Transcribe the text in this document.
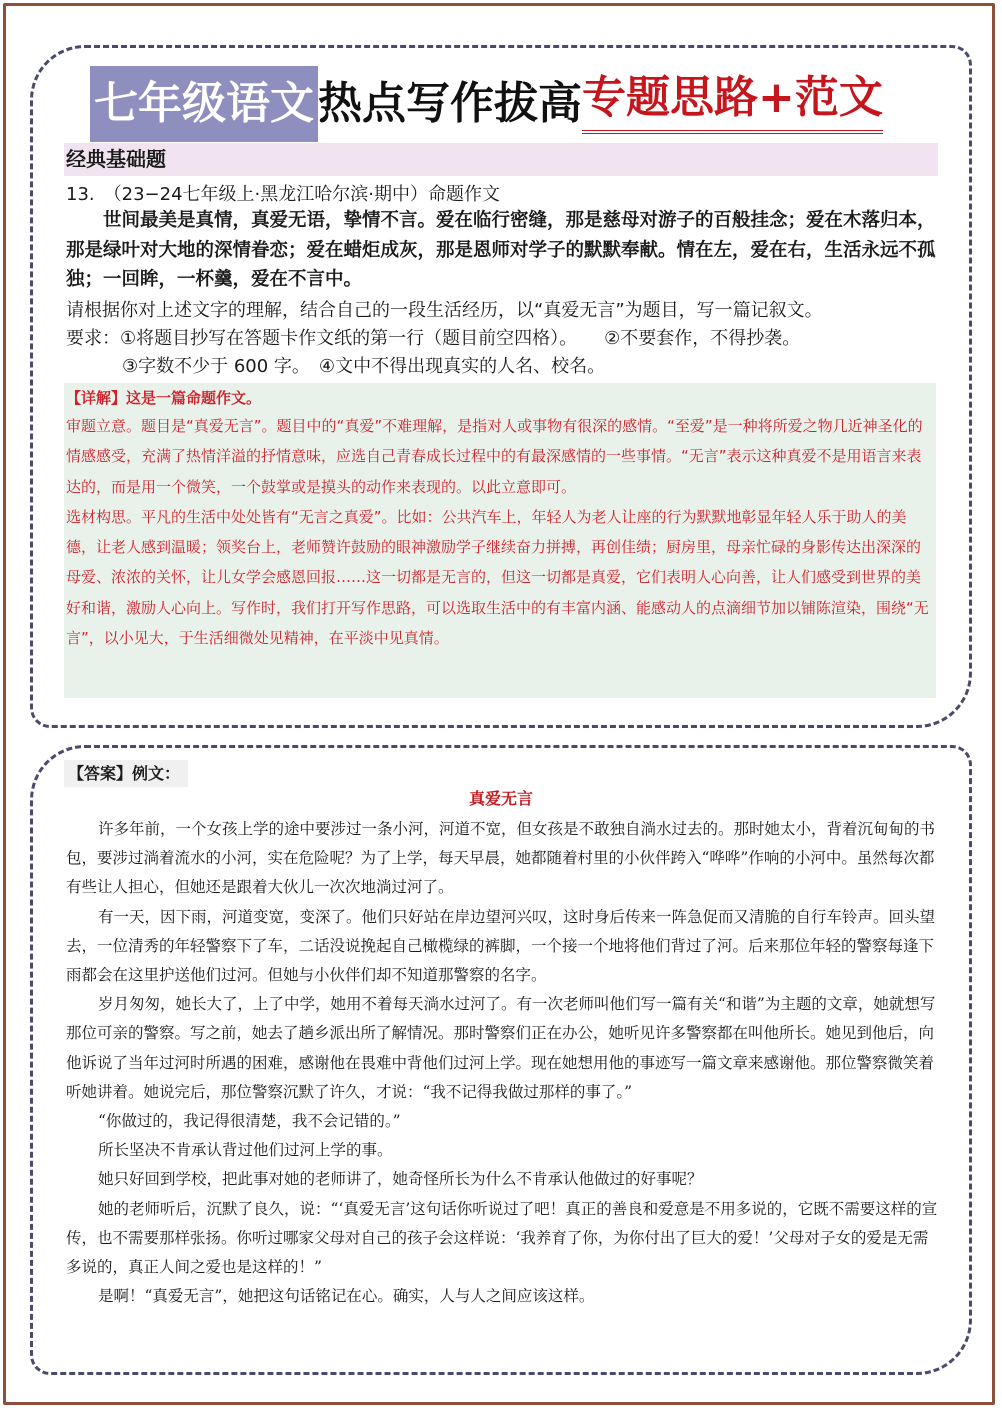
七年级语文热点写作拔高专题思路+范文
经典基础题
13.　（23−24七年级上·黑龙江哈尔滨·期中）命题作文
世间最美是真情，真爱无语，挚情不言。爱在临行密缝，那是慈母对游子的百般挂念；爱在木落归本，那是绿叶对大地的深情眷恋；爱在蜡炬成灰，那是恩师对学子的默默奉献。情在左，爱在右，生活永远不孤独；一回眸，一杯羹，爱在不言中。
请根据你对上述文字的理解，结合自己的一段生活经历，以“真爱无言”为题目，写一篇记叙文。
要求：①将题目抄写在答题卡作文纸的第一行（题目前空四格）。　　②不要套作，不得抄袭。
③字数不少于 600 字。　④文中不得出现真实的人名、校名。
【详解】这是一篇命题作文。

审题立意。题目是“真爱无言”。题目中的“真爱”不难理解，是指对人或事物有很深的感情。“至爱”是一种将所爱之物几近神圣化的情感感受，充满了热情洋溢的抒情意味，应选自己青春成长过程中的有最深感情的一些事情。“无言”表示这种真爱不是用语言来表达的，而是用一个微笑，一个鼓掌或是摸头的动作来表现的。以此立意即可。

选材构思。平凡的生活中处处皆有“无言之真爱”。比如：公共汽车上，年轻人为老人让座的行为默默地彰显年轻人乐于助人的美德，让老人感到温暖；领奖台上，老师赞许鼓励的眼神激励学子继续奋力拼搏，再创佳绩；厨房里，母亲忙碌的身影传达出深深的母爱、浓浓的关怀，让儿女学会感恩回报……这一切都是无言的，但这一切都是真爱，它们表明人心向善，让人们感受到世界的美好和谐，激励人心向上。写作时，我们打开写作思路，可以选取生活中的有丰富内涵、能感动人的点滴细节加以铺陈渲染，围绕“无言”，以小见大，于生活细微处见精神，在平淡中见真情。

【答案】例文：
真爱无言

许多年前，一个女孩上学的途中要涉过一条小河，河道不宽，但女孩是不敢独自淌水过去的。那时她太小，背着沉甸甸的书包，要涉过淌着流水的小河，实在危险呢？为了上学，每天早晨，她都随着村里的小伙伴跨入“哗哗”作响的小河中。虽然每次都有些让人担心，但她还是跟着大伙儿一次次地淌过河了。

有一天，因下雨，河道变宽，变深了。他们只好站在岸边望河兴叹，这时身后传来一阵急促而又清脆的自行车铃声。回头望去，一位清秀的年轻警察下了车，二话没说挽起自己橄榄绿的裤脚，一个接一个地将他们背过了河。后来那位年轻的警察每逢下雨都会在这里护送他们过河。但她与小伙伴们却不知道那警察的名字。

岁月匆匆，她长大了，上了中学，她用不着每天淌水过河了。有一次老师叫他们写一篇有关“和谐”为主题的文章，她就想写那位可亲的警察。写之前，她去了趟乡派出所了解情况。那时警察们正在办公，她听见许多警察都在叫他所长。她见到他后，向他诉说了当年过河时所遇的困难，感谢他在畏难中背他们过河上学。现在她想用他的事迹写一篇文章来感谢他。那位警察微笑着听她讲着。她说完后，那位警察沉默了许久，才说：“我不记得我做过那样的事了。”

“你做过的，我记得很清楚，我不会记错的。”

所长坚决不肯承认背过他们过河上学的事。

她只好回到学校，把此事对她的老师讲了，她奇怪所长为什么不肯承认他做过的好事呢？

她的老师听后，沉默了良久，说：“‘真爱无言’这句话你听说过了吧！真正的善良和爱意是不用多说的，它既不需要这样的宣传，也不需要那样张扬。你听过哪家父母对自己的孩子会这样说：‘我养育了你，为你付出了巨大的爱！’父母对子女的爱是无需多说的，真正人间之爱也是这样的！”

是啊！“真爱无言”，她把这句话铭记在心。确实，人与人之间应该这样。
